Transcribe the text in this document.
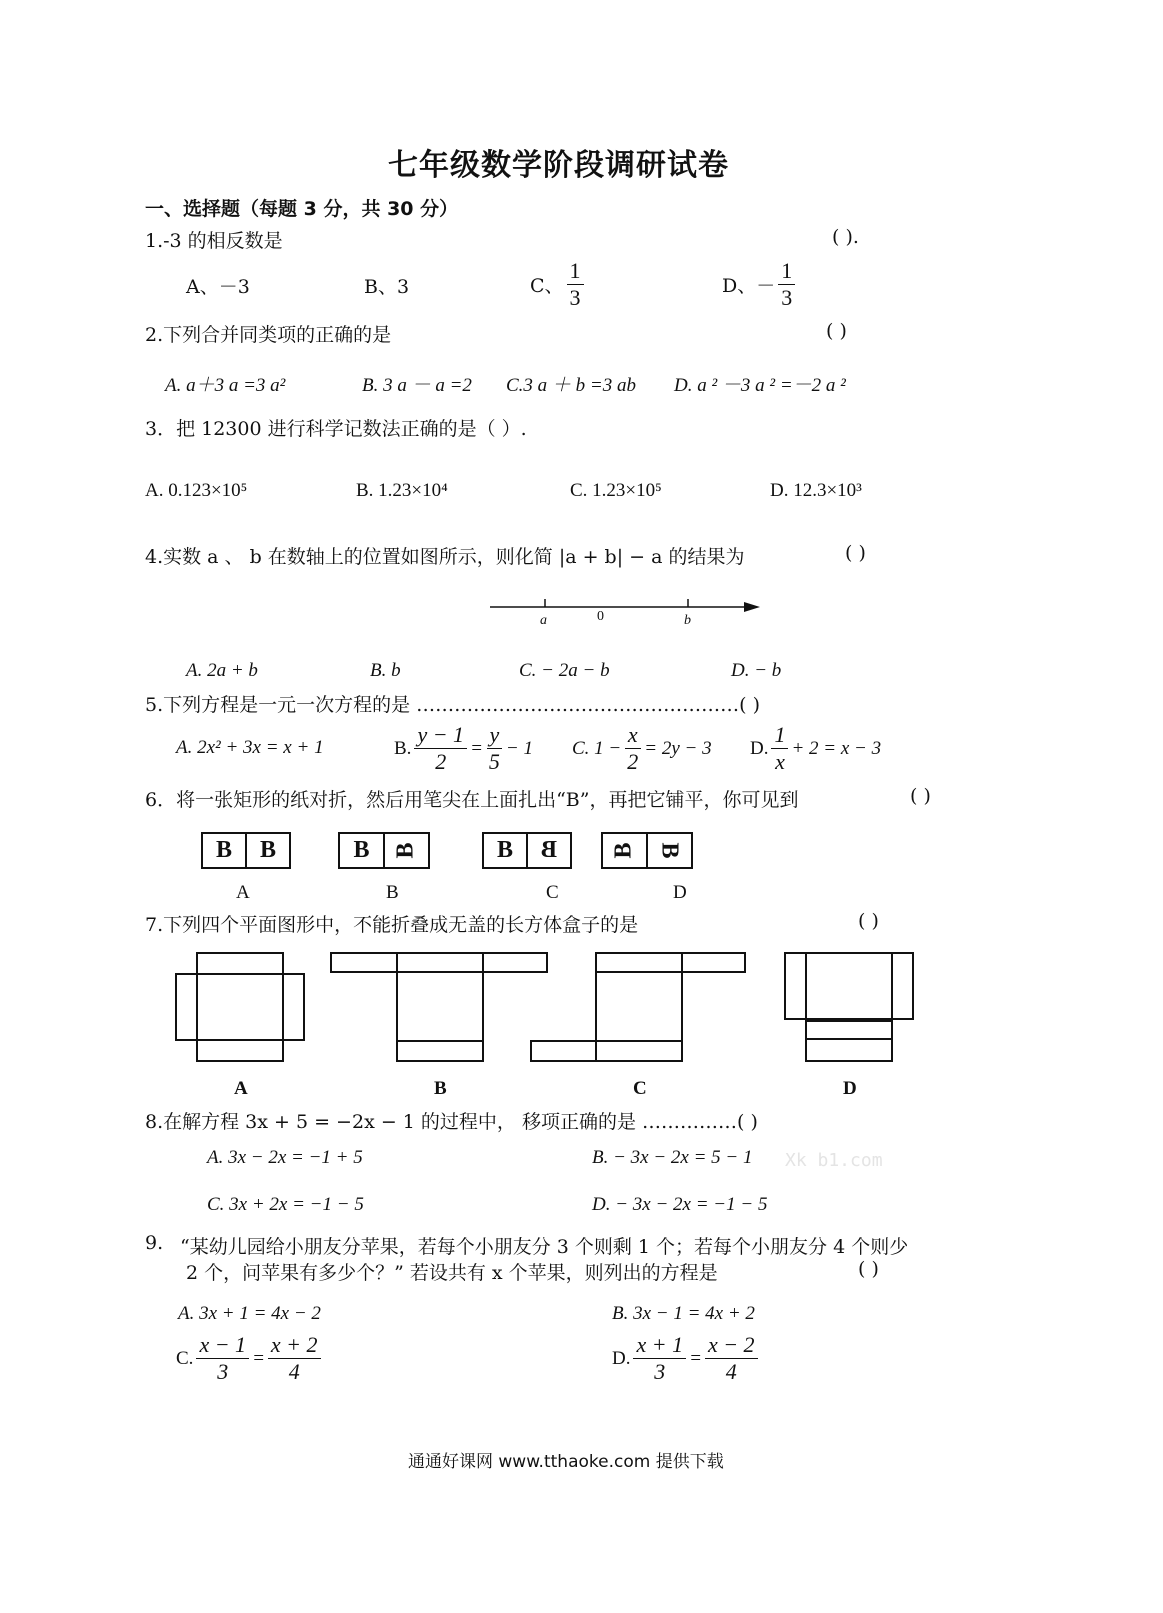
七年级数学阶段调研试卷
一、选择题（每题 3 分，共 30 分）
1.-3 的相反数是	( ).
A、－3	B、3	C、 $\frac{1}{3}$	D、－ $\frac{1}{3}$
2.下列合并同类项的正确的是	( )
A. a＋3 a =3 a²	B. 3 a － a =2 C.3 a ＋ b =3 ab D. a ² －3 a ² =－2 a ²
3．把 12300 进行科学记数法正确的是（ ）.
A. 0.123×10⁵	B. 1.23×10⁴	C. 1.23×10⁵	D. 12.3×10³
4.实数 a 、 b 在数轴上的位置如图所示，则化简 |a + b| − a 的结果为	( )
a	0	b
A. 2a + b	B. b	C. − 2a − b	D. − b
5.下列方程是一元一次方程的是 ……………………………………………( )
A. 2x² + 3x = x + 1	B. $\frac{y - 1}{2} = \frac{y}{5} - 1$ C. $1 - \frac{x}{2} = 2y - 3$ D. $\frac{1}{x} + 2 = x - 3$
6．将一张矩形的纸对折，然后用笔尖在上面扎出“B”，再把它铺平，你可见到	( )
B	B	B B	B	B B B
A	B	C	D
7.下列四个平面图形中，不能折叠成无盖的长方体盒子的是	( )
A	B	C	D
8.在解方程 3x + 5 = −2x − 1 的过程中， 移项正确的是 ……………( )
A. 3x − 2x = −1 + 5	B. − 3x − 2x = 5 − 1 Xk b1.com
C. 3x + 2x = −1 − 5	D. − 3x − 2x = −1 − 5
9. “某幼儿园给小朋友分苹果，若每个小朋友分 3 个则剩 1 个；若每个小朋友分 4 个则少
2 个，问苹果有多少个？” 若设共有 x 个苹果，则列出的方程是	( )
A. 3x + 1 = 4x − 2	B. 3x − 1 = 4x + 2
C. $\frac{x - 1}{3} = \frac{x + 2}{4}$	D. $\frac{x + 1}{3} = \frac{x - 2}{4}$
通通好课网 www.tthaoke.com 提供下载
